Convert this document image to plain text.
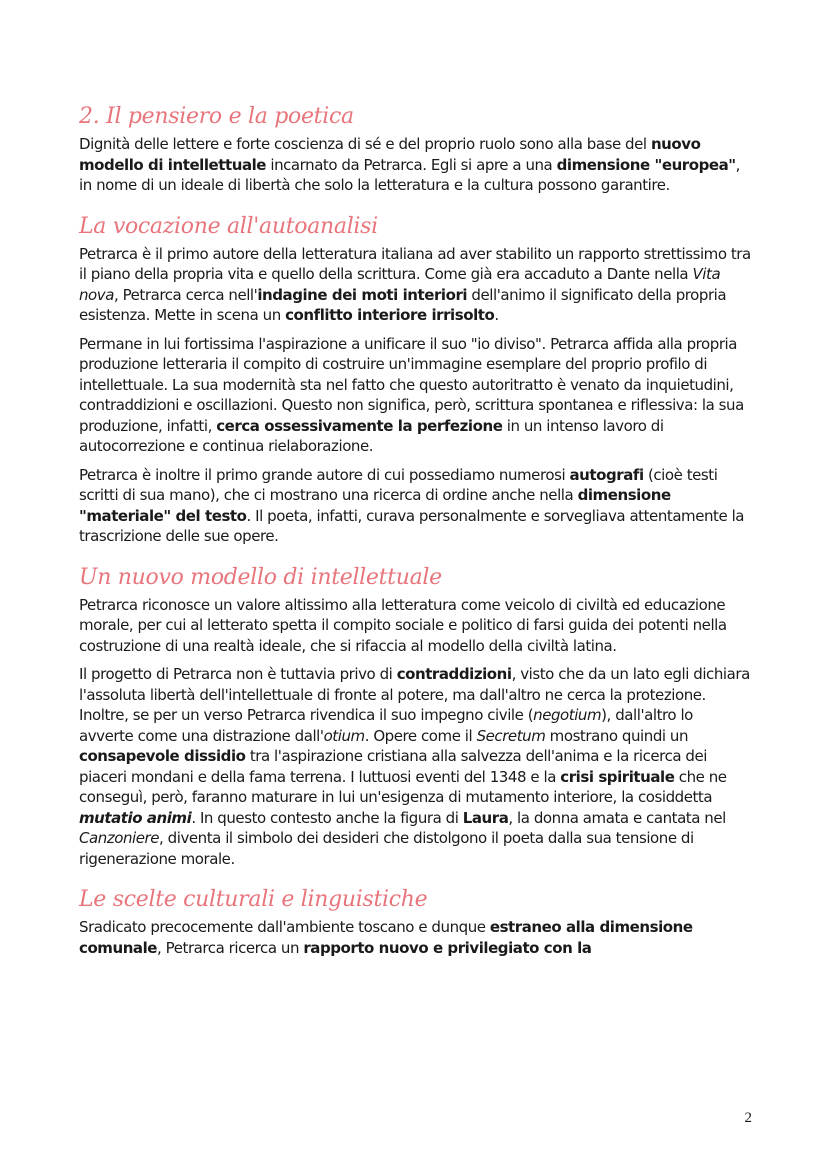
2. Il pensiero e la poetica

Dignità delle lettere e forte coscienza di sé e del proprio ruolo sono alla base del nuovo modello di intellettuale incarnato da Petrarca. Egli si apre a una dimensione "europea", in nome di un ideale di libertà che solo la letteratura e la cultura possono garantire.

La vocazione all'autoanalisi

Petrarca è il primo autore della letteratura italiana ad aver stabilito un rapporto strettissimo tra il piano della propria vita e quello della scrittura. Come già era accaduto a Dante nella Vita nova, Petrarca cerca nell'indagine dei moti interiori dell'animo il significato della propria esistenza. Mette in scena un conflitto interiore irrisolto.

Permane in lui fortissima l'aspirazione a unificare il suo "io diviso". Petrarca affida alla propria produzione letteraria il compito di costruire un'immagine esemplare del proprio profilo di intellettuale. La sua modernità sta nel fatto che questo autoritratto è venato da inquietudini, contraddizioni e oscillazioni. Questo non significa, però, scrittura spontanea e riflessiva: la sua produzione, infatti, cerca ossessivamente la perfezione in un intenso lavoro di autocorrezione e continua rielaborazione.

Petrarca è inoltre il primo grande autore di cui possediamo numerosi autografi (cioè testi scritti di sua mano), che ci mostrano una ricerca di ordine anche nella dimensione "materiale" del testo. Il poeta, infatti, curava personalmente e sorvegliava attentamente la trascrizione delle sue opere.

Un nuovo modello di intellettuale

Petrarca riconosce un valore altissimo alla letteratura come veicolo di civiltà ed educazione morale, per cui al letterato spetta il compito sociale e politico di farsi guida dei potenti nella costruzione di una realtà ideale, che si rifaccia al modello della civiltà latina.

Il progetto di Petrarca non è tuttavia privo di contraddizioni, visto che da un lato egli dichiara l'assoluta libertà dell'intellettuale di fronte al potere, ma dall'altro ne cerca la protezione. Inoltre, se per un verso Petrarca rivendica il suo impegno civile (negotium), dall'altro lo avverte come una distrazione dall'otium. Opere come il Secretum mostrano quindi un consapevole dissidio tra l'aspirazione cristiana alla salvezza dell'anima e la ricerca dei piaceri mondani e della fama terrena. I luttuosi eventi del 1348 e la crisi spirituale che ne conseguì, però, faranno maturare in lui un'esigenza di mutamento interiore, la cosiddetta mutatio animi. In questo contesto anche la figura di Laura, la donna amata e cantata nel Canzoniere, diventa il simbolo dei desideri che distolgono il poeta dalla sua tensione di rigenerazione morale.

Le scelte culturali e linguistiche

Sradicato precocemente dall'ambiente toscano e dunque estraneo alla dimensione comunale, Petrarca ricerca un rapporto nuovo e privilegiato con la

2
